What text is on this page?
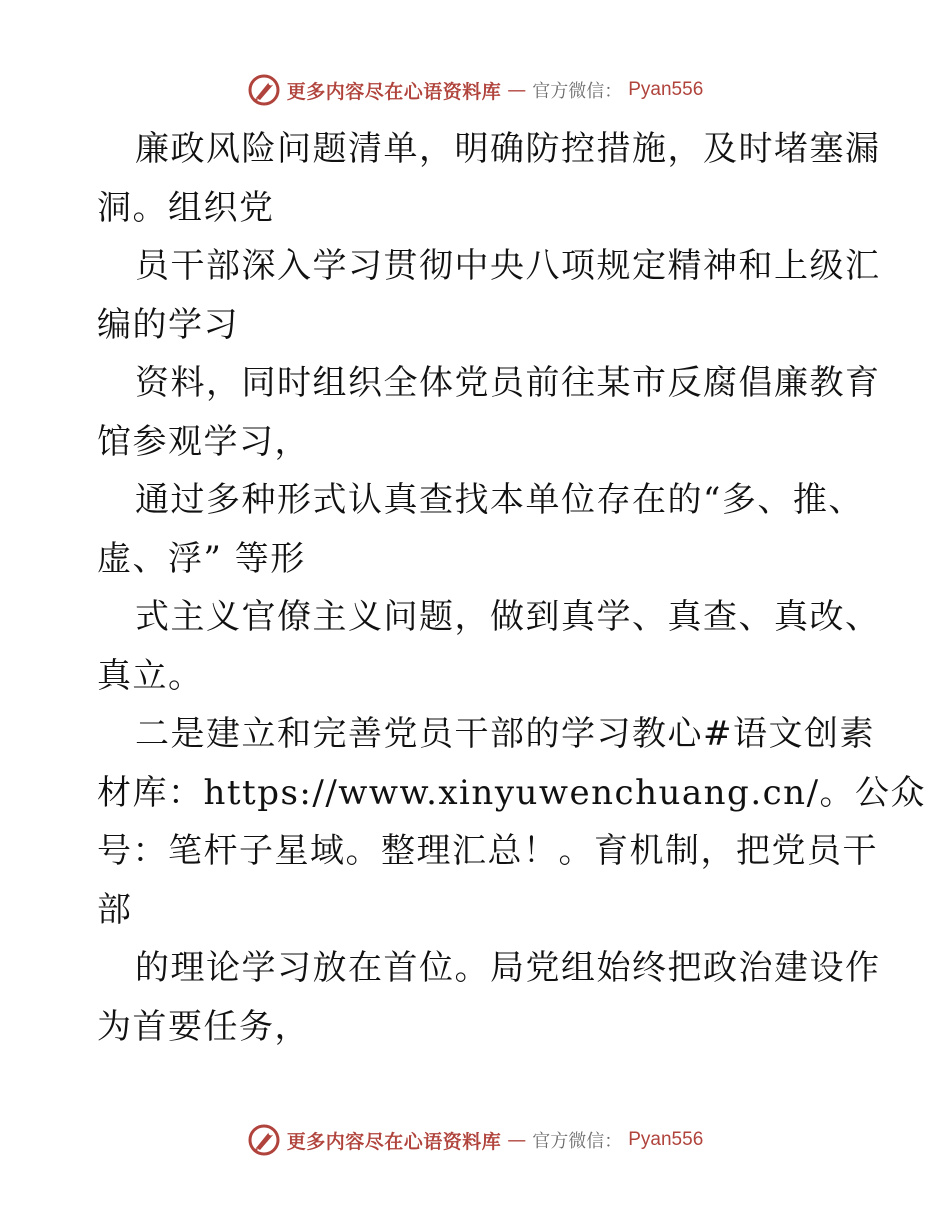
更多内容尽在心语资料库 — 官方微信： Pyan556
廉政风险问题清单，明确防控措施，及时堵塞漏
洞。组织党
员干部深入学习贯彻中央八项规定精神和上级汇
编的学习
资料，同时组织全体党员前往某市反腐倡廉教育
馆参观学习，
通过多种形式认真查找本单位存在的“多、推、
虚、浮” 等形
式主义官僚主义问题，做到真学、真查、真改、
真立。
二是建立和完善党员干部的学习教心#语文创素
材库：https://www.xinyuwenchuang.cn/。公众
号：笔杆子星域。整理汇总！。育机制，把党员干
部
的理论学习放在首位。局党组始终把政治建设作
为首要任务，
更多内容尽在心语资料库 — 官方微信： Pyan556
